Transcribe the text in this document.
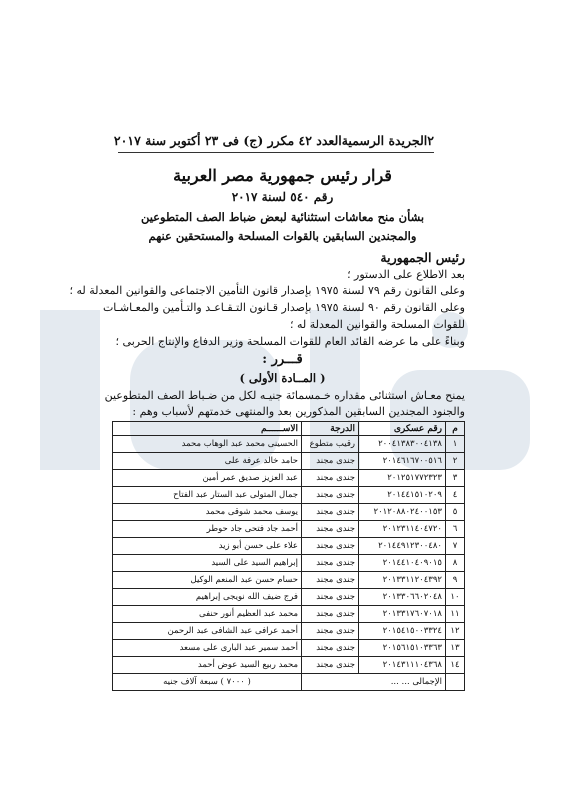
٢
الجريدة الرسمية
العدد ٤٢ مكرر (ج) فى ٢٣ أكتوبر سنة ٢٠١٧
قرار رئيس جمهورية مصر العربية
رقم ٥٤٠ لسنة ٢٠١٧
بشأن منح معاشات استثنائية لبعض ضباط الصف المتطوعين
والمجندين السابقين بالقوات المسلحة والمستحقين عنهم
رئيس الجمهورية
بعد الاطلاع على الدستور ؛
وعلى القانون رقم ٧٩ لسنة ١٩٧٥ بإصدار قانون التأمين الاجتماعى والقوانين المعدلة له ؛
وعلى القانون رقم ٩٠ لسنة ١٩٧٥ بإصدار قـانون التـقـاعـد والتـأمين والمعـاشـات
للقوات المسلحة والقوانين المعدلة له ؛
وبناءً على ما عرضه القائد العام للقوات المسلحة وزير الدفاع والإنتاج الحربى ؛
قـــرر :
( المــادة الأولى )
يمنح معـاش استثنائى مقداره خـمسمائة جنيـه لكل من ضـباط الصف المتطوعين
والجنود المجندين السابقين المذكورين بعد والمنتهى خدمتهم لأسباب وهم :
م	رقم عسكرى	الدرجة	الاســــــم
١	٢٠٠٤١٣٨٣٠٠٤١٣٨	رقيب متطوع	الحسينى محمد عبد الوهاب محمد
٢	٢٠١٤٦١٦٧٠٠٥١٦	جندى مجند	حامد خالد عرفة على
٣	٢٠١٢٥١٧٧٢٣٢٣	جندى مجند	عبد العزيز صديق عمر أمين
٤	٢٠١٤٤١٥١٠٢٠٩	جندى مجند	جمال المتولى عبد الستار عبد الفتاح
٥	٢٠١٢٠٨٨٠٢٤٠٠١٥٣	جندى مجند	يوسف محمد شوقى محمد
٦	٢٠١٢٣١١٤٠٤٧٢٠	جندى مجند	أحمد جاد فتحى جاد حوطر
٧	٢٠١٤٤٩١٢٣٠٠٤٨٠	جندى مجند	علاء على حسن أبو زيد
٨	٢٠١٤٤١٠٤٠٩٠١٥	جندى مجند	إبراهيم السيد على السيد
٩	٢٠١٣٣١١٢٠٤٣٩٢	جندى مجند	حسام حسن عبد المنعم الوكيل
١٠	٢٠١٣٣٠٦٦٠٢٠٤٨	جندى مجند	فرج ضيف الله نويجى إبراهيم
١١	٢٠١٣٣١٧٦٠٧٠١٨	جندى مجند	محمد عبد العظيم أنور حنفى
١٢	٢٠١٥٤١٥٠٠٣٣٢٤	جندى مجند	أحمد عرافى عبد الشافى عبد الرحمن
١٣	٢٠١٥٦١٥١٠٣٣٦٣	جندى مجند	أحمد سمير عبد البارى على مسعد
١٤	٢٠١٤٣١١١٠٤٣٦٨	جندى مجند	محمد ربيع السيد عوض أحمد
	الإجمالى ... ...		( ٧٠٠٠ ) سبعة آلاف جنيه
